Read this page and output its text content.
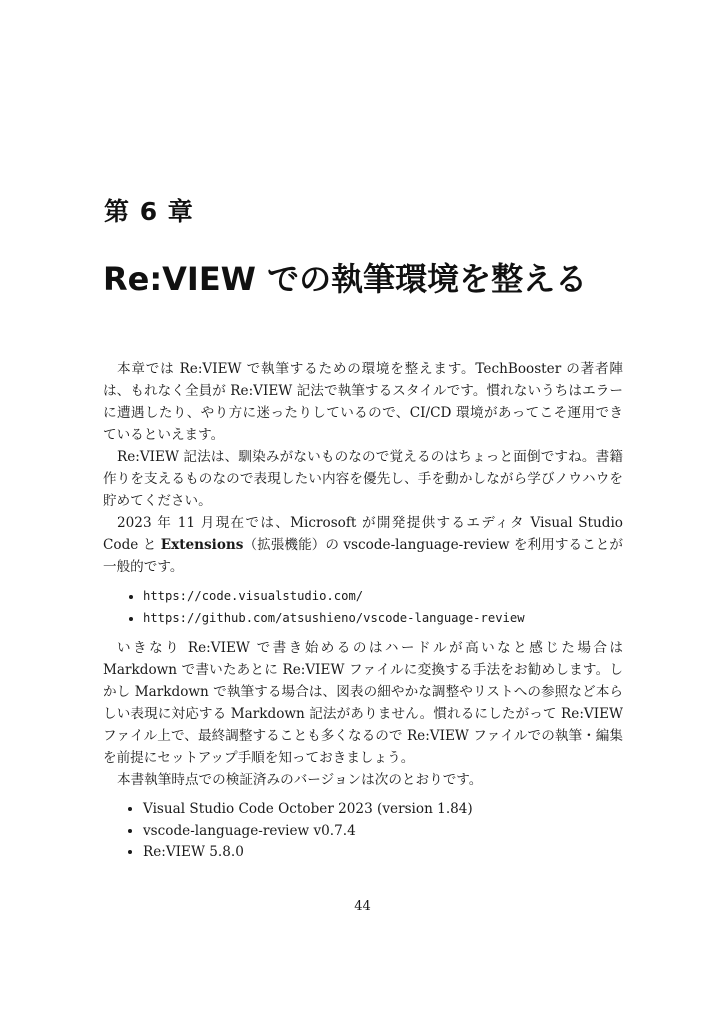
第 6 章
Re:VIEW での執筆環境を整える

本章では Re:VIEW で執筆するための環境を整えます。TechBooster の著者陣は、もれなく全員が Re:VIEW 記法で執筆するスタイルです。慣れないうちはエラーに遭遇したり、やり方に迷ったりしているので、CI/CD 環境があってこそ運用できているといえます。

Re:VIEW 記法は、馴染みがないものなので覚えるのはちょっと面倒ですね。書籍作りを支えるものなので表現したい内容を優先し、手を動かしながら学びノウハウを貯めてください。

2023 年 11 月現在では、Microsoft が開発提供するエディタ Visual Studio Code と Extensions（拡張機能）の vscode-language-review を利用することが一般的です。

• https://code.visualstudio.com/
• https://github.com/atsushieno/vscode-language-review

いきなり Re:VIEW で書き始めるのはハードルが高いなと感じた場合は Markdown で書いたあとに Re:VIEW ファイルに変換する手法をお勧めします。しかし Markdown で執筆する場合は、図表の細やかな調整やリストへの参照など本らしい表現に対応する Markdown 記法がありません。慣れるにしたがって Re:VIEW ファイル上で、最終調整することも多くなるので Re:VIEW ファイルでの執筆・編集を前提にセットアップ手順を知っておきましょう。

本書執筆時点での検証済みのバージョンは次のとおりです。

• Visual Studio Code October 2023 (version 1.84)
• vscode-language-review v0.7.4
• Re:VIEW 5.8.0
44
